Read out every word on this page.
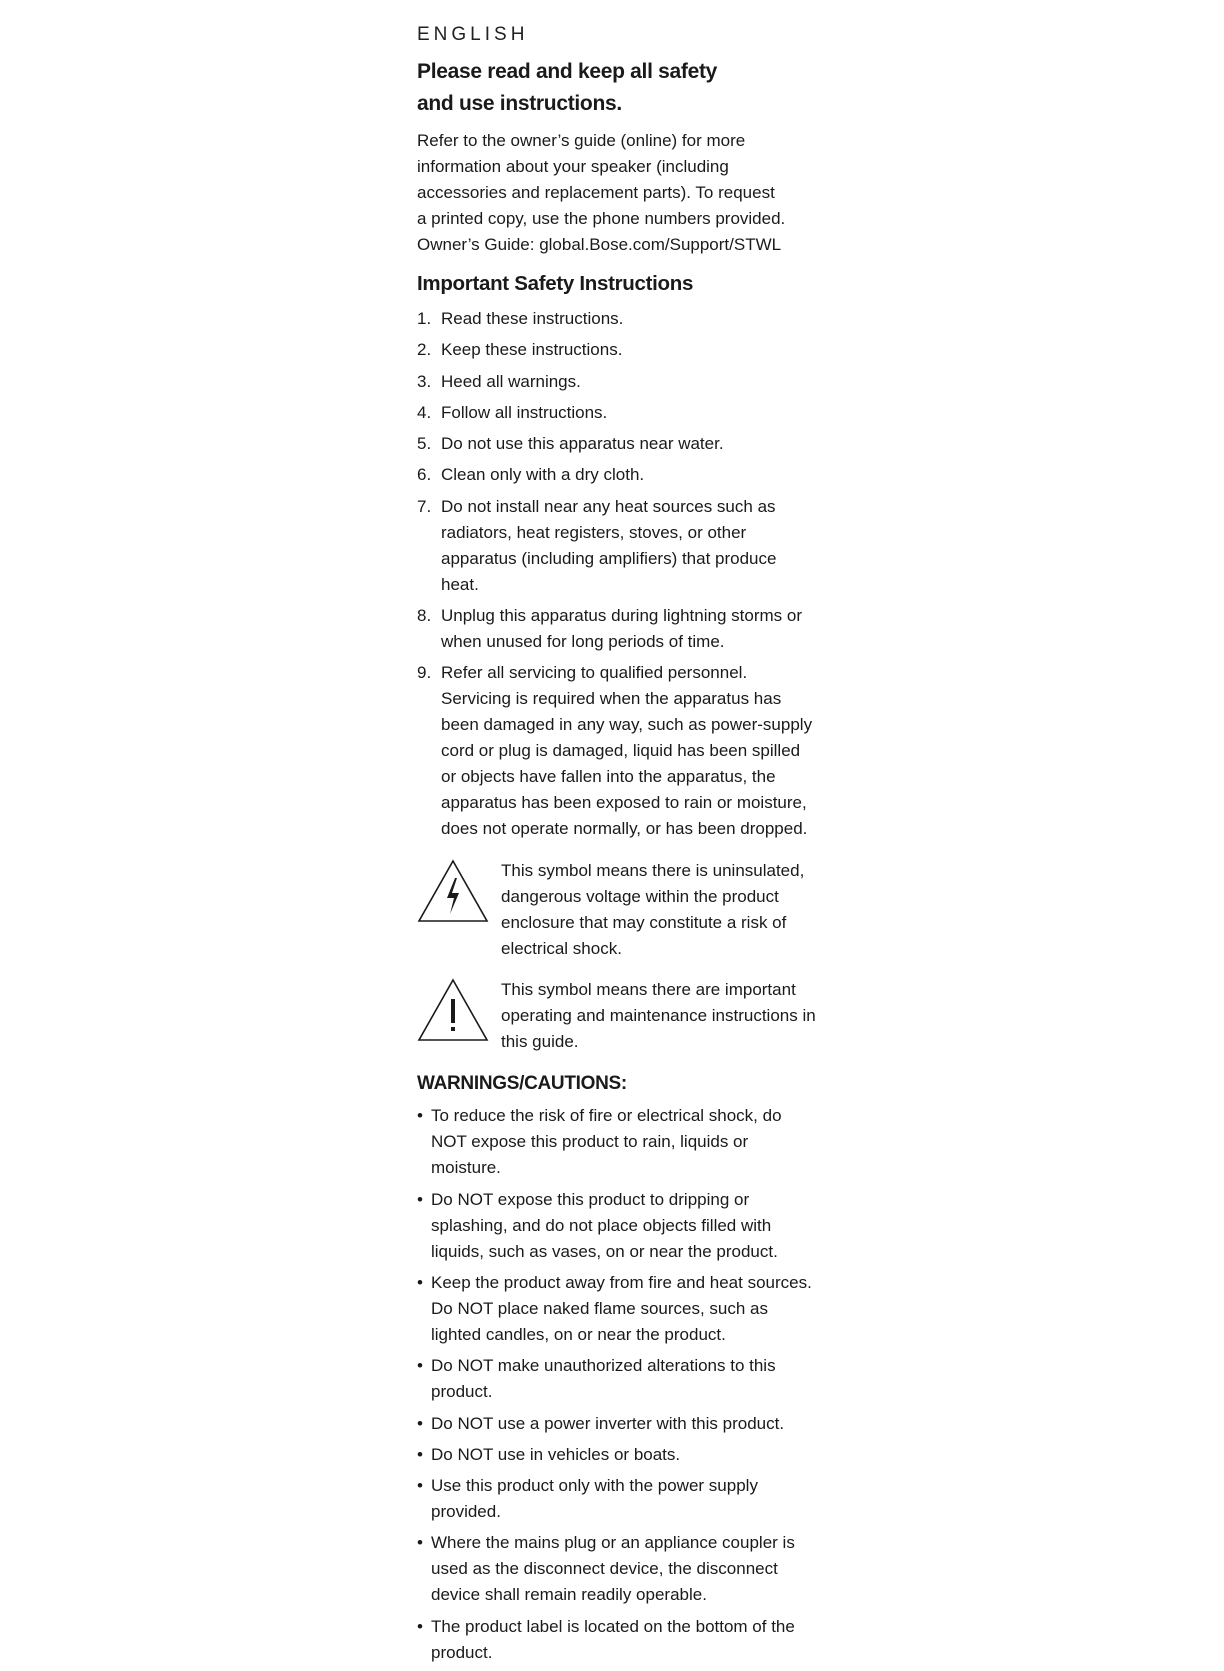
ENGLISH
Please read and keep all safety and use instructions.
Refer to the owner’s guide (online) for more information about your speaker (including accessories and replacement parts). To request a printed copy, use the phone numbers provided. Owner’s Guide: global.Bose.com/Support/STWL
Important Safety Instructions
1. Read these instructions.
2. Keep these instructions.
3. Heed all warnings.
4. Follow all instructions.
5. Do not use this apparatus near water.
6. Clean only with a dry cloth.
7. Do not install near any heat sources such as radiators, heat registers, stoves, or other apparatus (including amplifiers) that produce heat.
8. Unplug this apparatus during lightning storms or when unused for long periods of time.
9. Refer all servicing to qualified personnel. Servicing is required when the apparatus has been damaged in any way, such as power-supply cord or plug is damaged, liquid has been spilled or objects have fallen into the apparatus, the apparatus has been exposed to rain or moisture, does not operate normally, or has been dropped.
This symbol means there is uninsulated, dangerous voltage within the product enclosure that may constitute a risk of electrical shock.
This symbol means there are important operating and maintenance instructions in this guide.
WARNINGS/CAUTIONS:
• To reduce the risk of fire or electrical shock, do NOT expose this product to rain, liquids or moisture.
• Do NOT expose this product to dripping or splashing, and do not place objects filled with liquids, such as vases, on or near the product.
• Keep the product away from fire and heat sources. Do NOT place naked flame sources, such as lighted candles, on or near the product.
• Do NOT make unauthorized alterations to this product.
• Do NOT use a power inverter with this product.
• Do NOT use in vehicles or boats.
• Use this product only with the power supply provided.
• Where the mains plug or an appliance coupler is used as the disconnect device, the disconnect device shall remain readily operable.
• The product label is located on the bottom of the product.
